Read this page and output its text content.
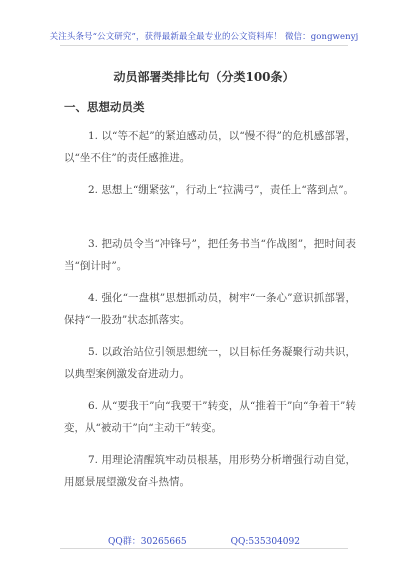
关注头条号“公文研究”，获得最新最全最专业的公文资料库！ 微信：gongwenyj
动员部署类排比句（分类100条）
一、思想动员类
1. 以“等不起”的紧迫感动员，以“慢不得”的危机感部署，以“坐不住”的责任感推进。
2. 思想上“绷紧弦”，行动上“拉满弓”，责任上“落到点”。
3. 把动员令当“冲锋号”，把任务书当“作战图”，把时间表当“倒计时”。
4. 强化“一盘棋”思想抓动员，树牢“一条心”意识抓部署，保持“一股劲”状态抓落实。
5. 以政治站位引领思想统一，以目标任务凝聚行动共识，以典型案例激发奋进动力。
6. 从“要我干”向“我要干”转变，从“推着干”向“争着干”转变，从“被动干”向“主动干”转变。
7. 用理论清醒筑牢动员根基，用形势分析增强行动自觉，用愿景展望激发奋斗热情。
QQ群：30265665	QQ:535304092
